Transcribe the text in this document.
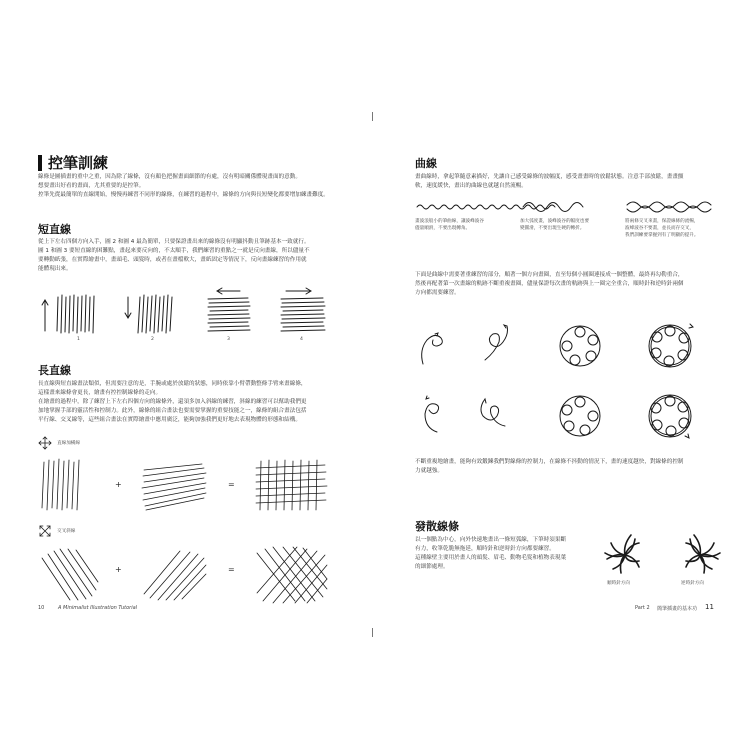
控筆訓練
線條是圖插畫的重中之重，因為除了線條，沒有顏色把握畫面細節的有處，沒有明暗關係體現畫面的意動。
想要畫出好看的畫面，尤其重要的是控筆。
控筆先從最簡單的直線開始，慢慢再練習不同形的線條，在練習的過程中，線條的方向與長短變化都要增加練畫難度。
短直線
從上下左右四個方向入手，圖 2 和圖 4 最為簡單，只要保證畫出來的線條沒有明顯抖動且筆跡基本一致就行。
圖 1 和圖 3 要短直線的困難點，畫起來要反向的，不太順手，我們練習的重點之一就是反向畫線，所以儘量不
要轉動紙張，在實際繪畫中，畫頭毛、頭髮時，或者在畫檔軟大，畫紙固定等情況下，反向畫線練習的作用就
能體現出來。
1	2	3	4
長直線
長直線與短直線畫法類似，但需要注意的是，手腕或處於放鬆的狀態，同時依靠小臂帶動整條手臂來畫線條，
這樣畫來線條會更長，繪畫有控控制線條的走向。
在繪畫的過程中，除了練習上下左右四個方向的線條外，還須多加入斜線的練習，斜線的練習可以幫助我們更
加地掌握手部的靈活性和控制力。此外，線條的組合畫法也要需要掌握的重要技能之一，線條的組合畫法包括
平行線、交叉線等，這些組合畫法在實際繪畫中應用廣泛，能夠加強我們更好地去表現物體的形態和結構。
直線加橫線
+	=
交叉斜線
+	=
10	A Minimalist Illustration Tutorial
曲線
畫曲線時，拿起筆隨意素描好，先讓自己感受線條的波幅度，感受畫畫時的放鬆狀態。注意手部放鬆，畫畫顫
軟，速度緩快，畫出的曲線也就越自然流暢。
畫波浪般小的筆曲線，讓波峰波谷
儘量順滑，不要出現轉角。
加大弧度畫，波峰波谷的幅度也要
變圓滑，不要出現生硬的轉折。
將兩條交叉來畫，保證線條的流暢，
波峰波谷不要畫，並長而存交叉，
我們訓練要掌握到有了明顯的提升。
下面是曲線中需要著重練習的部分，順著一個方向畫圈，直至每個小圓圈連接成一個整體，最終再勾勒重合，
然後再配著第一次畫線的軌跡不斷重複畫圈，儘量保證每次畫的軌跡與上一圈完全重合，順時針和逆時針兩個
方向都需要練習。
不斷重複地繪畫，能夠有效鍛鍊我們對線條的控制力，在線條不抖動的情況下，畫的速度越快，對線條的控制
力就越強。
發散線條
以一個點為中心，向外快速地畫出一條短弧線，下筆時須果斷
有力，收筆乾脆無拖延，順時針和逆時針方向都要練習。
這種線壁主要用於畫人的頭髮、眉毛、動物毛髮和植物表現葉
的細節處理。
順時針方向	逆時針方向
Part 2 簡筆插畫的基本功 11
